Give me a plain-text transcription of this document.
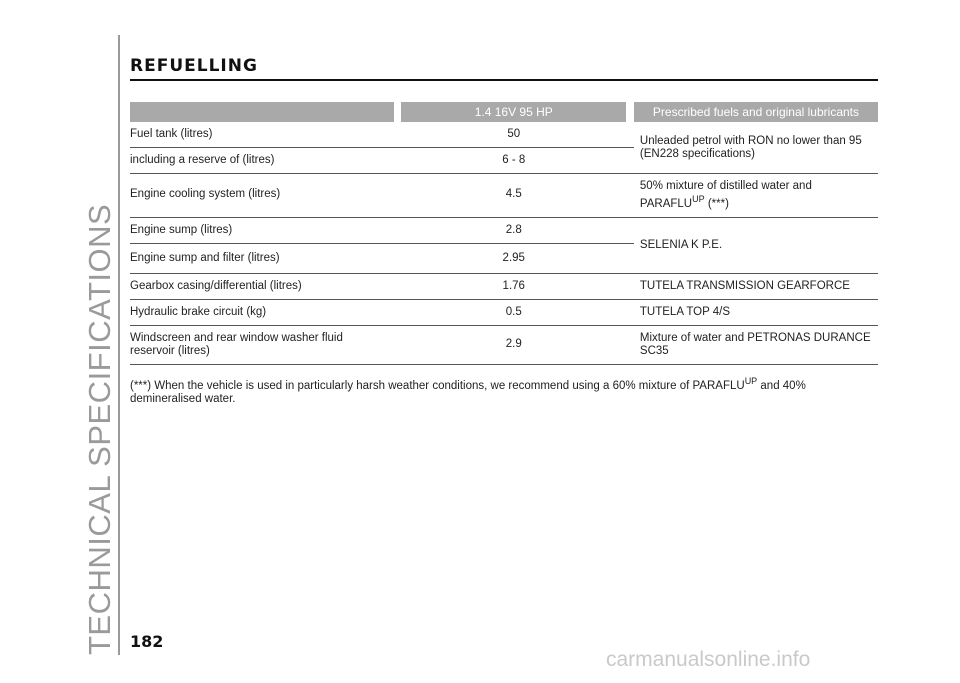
TECHNICAL SPECIFICATIONS
REFUELLING
		1.4 16V 95 HP		Prescribed fuels and original lubricants
Fuel tank (litres)		50		Unleaded petrol with RON no lower than 95 (EN228 specifications)
including a reserve of (litres)		6 - 8		
Engine cooling system (litres)		4.5		50% mixture of distilled water and $PARAFLU^{UP}$ (***)
Engine sump (litres)		2.8		SELENIA K P.E.
Engine sump and filter (litres)		2.95		
Gearbox casing/differential (litres)		1.76		TUTELA TRANSMISSION GEARFORCE
Hydraulic brake circuit (kg)		0.5		TUTELA TOP 4/S
Windscreen and rear window washer fluid reservoir (litres)		2.9		Mixture of water and PETRONAS DURANCE SC35
(***) When the vehicle is used in particularly harsh weather conditions, we recommend using a 60% mixture of $PARAFLU^{UP}$ and 40% demineralised water.
182
carmanualsonline.info
